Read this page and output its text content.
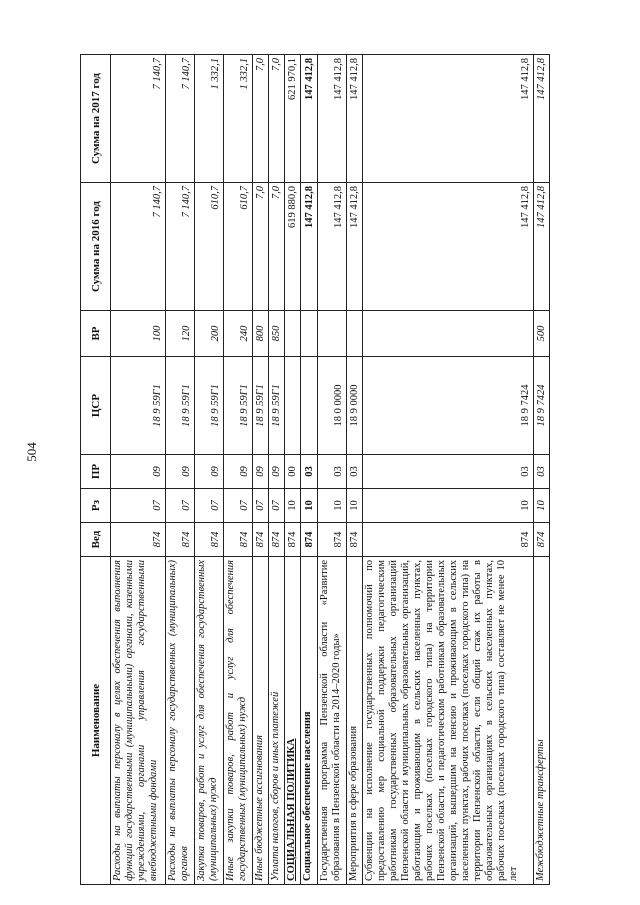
504
Наименование	Вед	Рз	ПР	ЦСР	ВР	Сумма на 2016 год	Сумма на 2017 год
Расходы на выплаты персоналу в целях обеспечения выполнения функций государственными (муниципальными) органами, казенными учреждениями, органами управления государственными внебюджетными фондами	874	07	09	18 9 59Г1	100	7 140,7	7 140,7
Расходы на выплаты персоналу государственных (муниципальных) органов	874	07	09	18 9 59Г1	120	7 140,7	7 140,7
Закупка товаров, работ и услуг для обеспечения государственных (муниципальных) нужд	874	07	09	18 9 59Г1	200	610,7	1 332,1
Иные закупки товаров, работ и услуг для обеспечения государственных (муниципальных) нужд	874	07	09	18 9 59Г1	240	610,7	1 332,1
Иные бюджетные ассигнования	874	07	09	18 9 59Г1	800	7,0	7,0
Уплата налогов, сборов и иных платежей	874	07	09	18 9 59Г1	850	7,0	7,0
СОЦИАЛЬНАЯ ПОЛИТИКА	874	10	00			619 880,0	621 970,1
Социальное обеспечение населения	874	10	03			147 412,8	147 412,8
Государственная программа Пензенской области «Развитие образования в Пензенской области на 2014–2020 годы»	874	10	03	18 0 0000		147 412,8	147 412,8
Мероприятия в сфере образования	874	10	03	18 9 0000		147 412,8	147 412,8
Субвенции на исполнение государственных полномочий по предоставлению мер социальной поддержки педагогическим работникам государственных образовательных организаций Пензенской области и муниципальных образовательных организаций, работающим и проживающим в сельских населенных пунктах, рабочих поселках (поселках городского типа) на территории Пензенской области, и педагогическим работникам образовательных организаций, вышедшим на пенсию и проживающим в сельских населенных пунктах, рабочих поселках (поселках городского типа) на территории Пензенской области, если общий стаж их работы в образовательных организациях в сельских населенных пунктах, рабочих поселках (поселках городского типа) составляет не менее 10 лет	874	10	03	18 9 7424		147 412,8	147 412,8
Межбюджетные трансферты	874	10	03	18 9 7424	500	147 412,8	147 412,8
